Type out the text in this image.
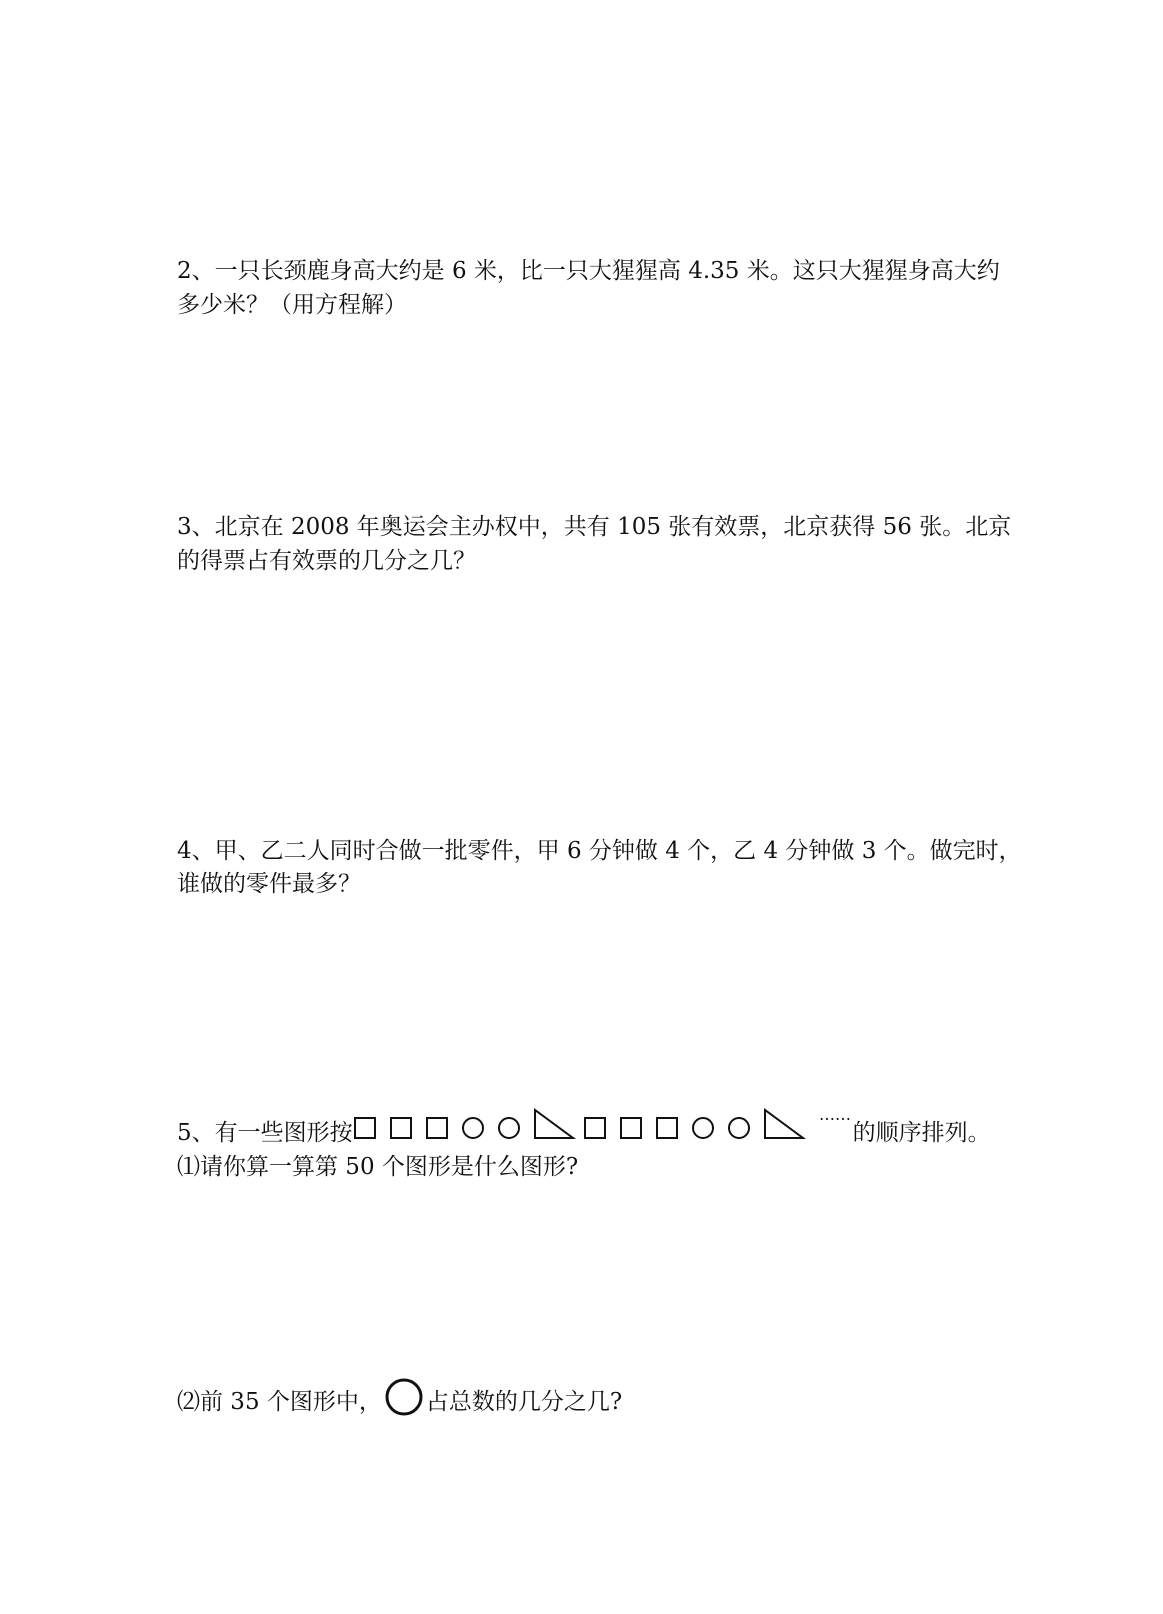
2、一只长颈鹿身高大约是 6 米，比一只大猩猩高 4.35 米。这只大猩猩身高大约
多少米？（用方程解）
3、北京在 2008 年奥运会主办权中，共有 105 张有效票，北京获得 56 张。北京
的得票占有效票的几分之几？
4、甲、乙二人同时合做一批零件，甲 6 分钟做 4 个，乙 4 分钟做 3 个。做完时，
谁做的零件最多？
5、有一些图形按
……
的顺序排列。
⑴请你算一算第 50 个图形是什么图形?
⑵前 35 个图形中， 占总数的几分之几?
